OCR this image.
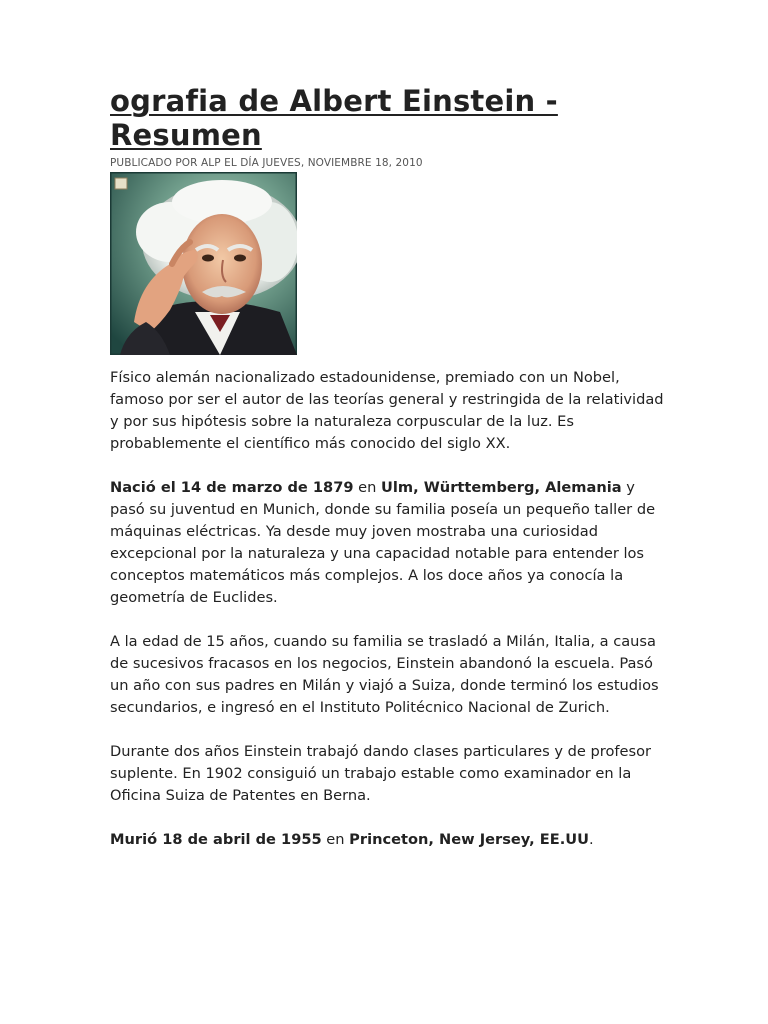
ografia de Albert Einstein - Resumen
PUBLICADO POR ALP EL DÍA JUEVES, NOVIEMBRE 18, 2010

Físico alemán nacionalizado estadounidense, premiado con un Nobel, famoso por ser el autor de las teorías general y restringida de la relatividad y por sus hipótesis sobre la naturaleza corpuscular de la luz. Es probablemente el científico más conocido del siglo XX.

Nació el 14 de marzo de 1879 en Ulm, Württemberg, Alemania y pasó su juventud en Munich, donde su familia poseía un pequeño taller de máquinas eléctricas. Ya desde muy joven mostraba una curiosidad excepcional por la naturaleza y una capacidad notable para entender los conceptos matemáticos más complejos. A los doce años ya conocía la geometría de Euclides.

A la edad de 15 años, cuando su familia se trasladó a Milán, Italia, a causa de sucesivos fracasos en los negocios, Einstein abandonó la escuela. Pasó un año con sus padres en Milán y viajó a Suiza, donde terminó los estudios secundarios, e ingresó en el Instituto Politécnico Nacional de Zurich.

Durante dos años Einstein trabajó dando clases particulares y de profesor suplente. En 1902 consiguió un trabajo estable como examinador en la Oficina Suiza de Patentes en Berna.

Murió 18 de abril de 1955 en Princeton, New Jersey, EE.UU.
